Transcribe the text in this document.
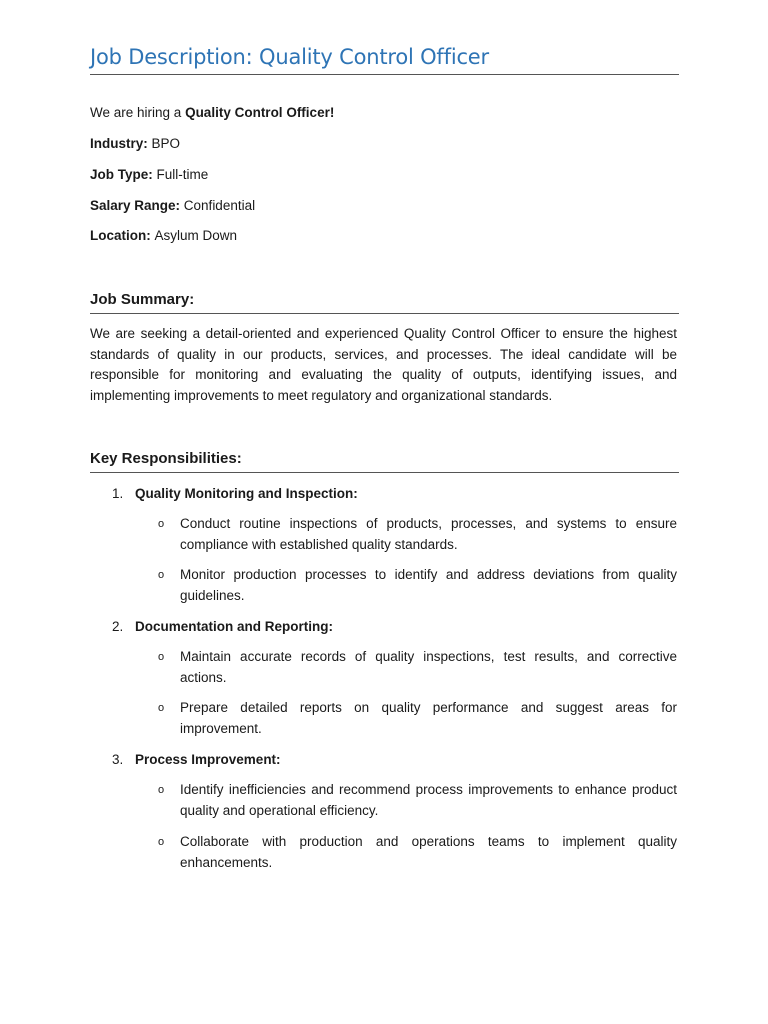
Job Description: Quality Control Officer
We are hiring a Quality Control Officer!
Industry: BPO
Job Type: Full-time
Salary Range: Confidential
Location: Asylum Down
Job Summary:
We are seeking a detail-oriented and experienced Quality Control Officer to ensure the highest standards of quality in our products, services, and processes. The ideal candidate will be responsible for monitoring and evaluating the quality of outputs, identifying issues, and implementing improvements to meet regulatory and organizational standards.
Key Responsibilities:
1. Quality Monitoring and Inspection:
o	Conduct routine inspections of products, processes, and systems to ensure compliance with established quality standards.
o	Monitor production processes to identify and address deviations from quality guidelines.
2. Documentation and Reporting:
o	Maintain accurate records of quality inspections, test results, and corrective actions.
o	Prepare detailed reports on quality performance and suggest areas for improvement.
3. Process Improvement:
o	Identify inefficiencies and recommend process improvements to enhance product quality and operational efficiency.
o	Collaborate with production and operations teams to implement quality enhancements.
